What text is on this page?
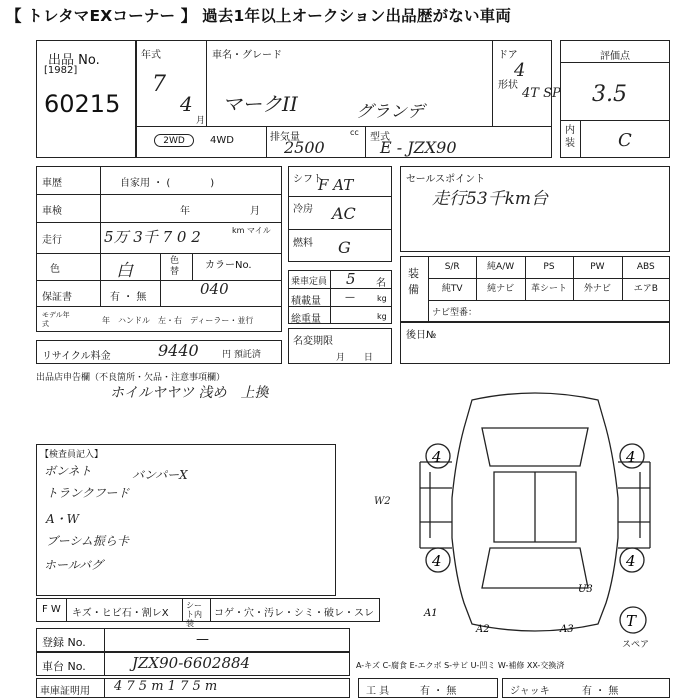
【 トレタマEXコーナー 】 過去1年以上オークション出品歴がない車両
出品 No.
[1982]
60215
年式
7
4
月
車名・グレード
マークII	グランデ
ドア
4
形状
4T SP
2WD	4WD	排気量	cc
2500
型式
E - JZX90
評価点
3.5
内装 C
車歴	自家用 ・ (　　　　)
車検	年	月
走行	5万 3千 7 0 2	km マイル
色	白	色替
カラーNo.
040
保証書	有 ・ 無
モデル年式	年　ハンドル　左・右　ディーラー・並行
リサイクル料金	9440	円 預託済
シフト
F AT
冷房 AC
燃料 G
乗車定員 5 名
積載量 —	kg
総重量	kg
名変期限
月 日
セールスポイント
走行53千km台
装備
S/R	純A/W	PS	PW	ABS
純TV	純ナビ	革シート	外ナビ	エアB
ナビ型番：
後日№
出品店申告欄（不良箇所・欠品・注意事項欄）
ホイルヤヤツ 浅め　上換
【検査員記入】
ボンネト
トランクフード
A・W
ブーシム振ら卡
ホールバグ
バンパーX
4	4
4	4
A1
U3
A2	A3	T
W2
スペア
F W キズ・ヒビ石・割レX
シート内装
コゲ・穴・汚レ・シミ・破レ・スレ
登録 No.	—
車台 No.	JZX90-6602884	A-キズ C-腐食 E-エクボ S-サビ U-凹ミ W-補修 XX-交換済
車庫証明用 4 7 5 m 1 7 5 m	工 具	有 ・ 無	ジャッキ	有 ・ 無
